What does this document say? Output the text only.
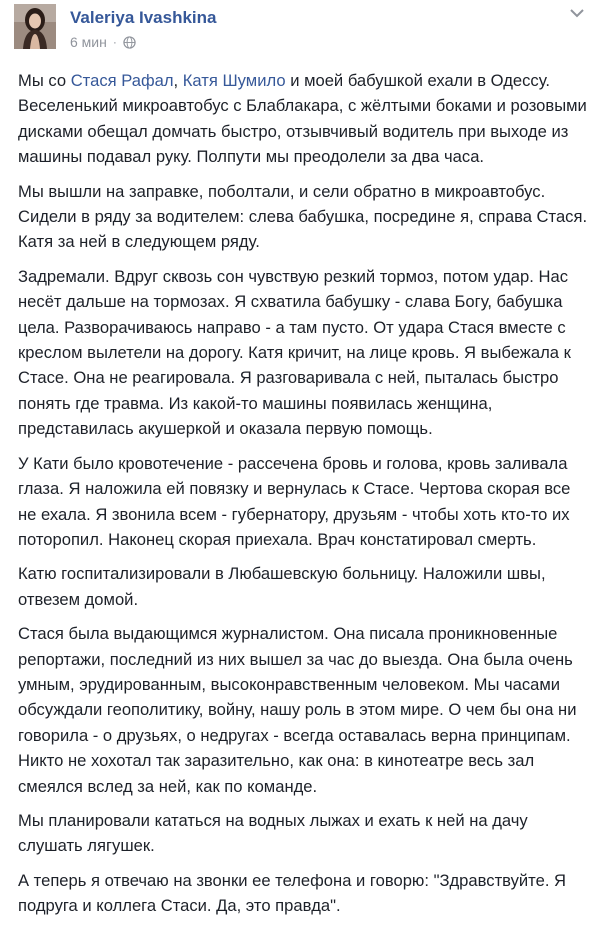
Valeriya Ivashkina
6 мин ·

Мы со Стася Рафал, Катя Шумило и моей бабушкой ехали в Одессу. Веселенький микроавтобус с Блаблакара, с жёлтыми боками и розовыми дисками обещал домчать быстро, отзывчивый водитель при выходе из машины подавал руку. Полпути мы преодолели за два часа.

Мы вышли на заправке, поболтали, и сели обратно в микроавтобус. Сидели в ряду за водителем: слева бабушка, посредине я, справа Стася. Катя за ней в следующем ряду.

Задремали. Вдруг сквозь сон чувствую резкий тормоз, потом удар. Нас несёт дальше на тормозах. Я схватила бабушку - слава Богу, бабушка цела. Разворачиваюсь направо - а там пусто. От удара Стася вместе с креслом вылетели на дорогу. Катя кричит, на лице кровь. Я выбежала к Стасе. Она не реагировала. Я разговаривала с ней, пыталась быстро понять где травма. Из какой-то машины появилась женщина, представилась акушеркой и оказала первую помощь.

У Кати было кровотечение - рассечена бровь и голова, кровь заливала глаза. Я наложила ей повязку и вернулась к Стасе. Чертова скорая все не ехала. Я звонила всем - губернатору, друзьям - чтобы хоть кто-то их поторопил. Наконец скорая приехала. Врач констатировал смерть.

Катю госпитализировали в Любашевскую больницу. Наложили швы, отвезем домой.

Стася была выдающимся журналистом. Она писала проникновенные репортажи, последний из них вышел за час до выезда. Она была очень умным, эрудированным, высоконравственным человеком. Мы часами обсуждали геополитику, войну, нашу роль в этом мире. О чем бы она ни говорила - о друзьях, о недругах - всегда оставалась верна принципам. Никто не хохотал так заразительно, как она: в кинотеатре весь зал смеялся вслед за ней, как по команде.

Мы планировали кататься на водных лыжах и ехать к ней на дачу слушать лягушек.

А теперь я отвечаю на звонки ее телефона и говорю: "Здравствуйте. Я подруга и коллега Стаси. Да, это правда".
